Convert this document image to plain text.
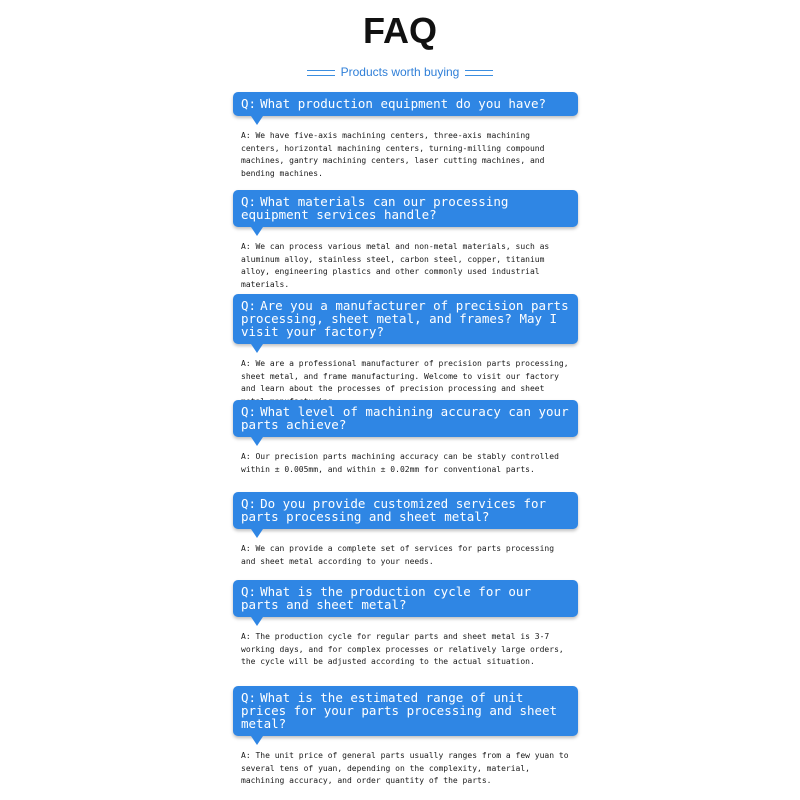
FAQ
Products worth buying
Q: What production equipment do you have?
A: We have five-axis machining centers, three-axis machining centers, horizontal machining centers, turning-milling compound machines, gantry machining centers, laser cutting machines, and bending machines.
Q: What materials can our processing equipment services handle?
A: We can process various metal and non-metal materials, such as aluminum alloy, stainless steel, carbon steel, copper, titanium alloy, engineering plastics and other commonly used industrial materials.
Q: Are you a manufacturer of precision parts processing, sheet metal, and frames? May I visit your factory?
A: We are a professional manufacturer of precision parts processing, sheet metal, and frame manufacturing. Welcome to visit our factory and learn about the processes of precision processing and sheet
Q: What level of machining accuracy can your parts achieve?
A: Our precision parts machining accuracy can be stably controlled within ± 0.005mm, and within ± 0.02mm for conventional parts.
Q: Do you provide customized services for parts processing and sheet metal?
A: We can provide a complete set of services for parts processing and sheet metal according to your needs.
Q: What is the production cycle for our parts and sheet metal?
A: The production cycle for regular parts and sheet metal is 3-7 working days, and for complex processes or relatively large orders, the cycle will be adjusted according to the actual situation.
Q: What is the estimated range of unit prices for your parts processing and sheet metal?
A: The unit price of general parts usually ranges from a few yuan to several tens of yuan, depending on the complexity, material, machining accuracy, and order quantity of the parts.
